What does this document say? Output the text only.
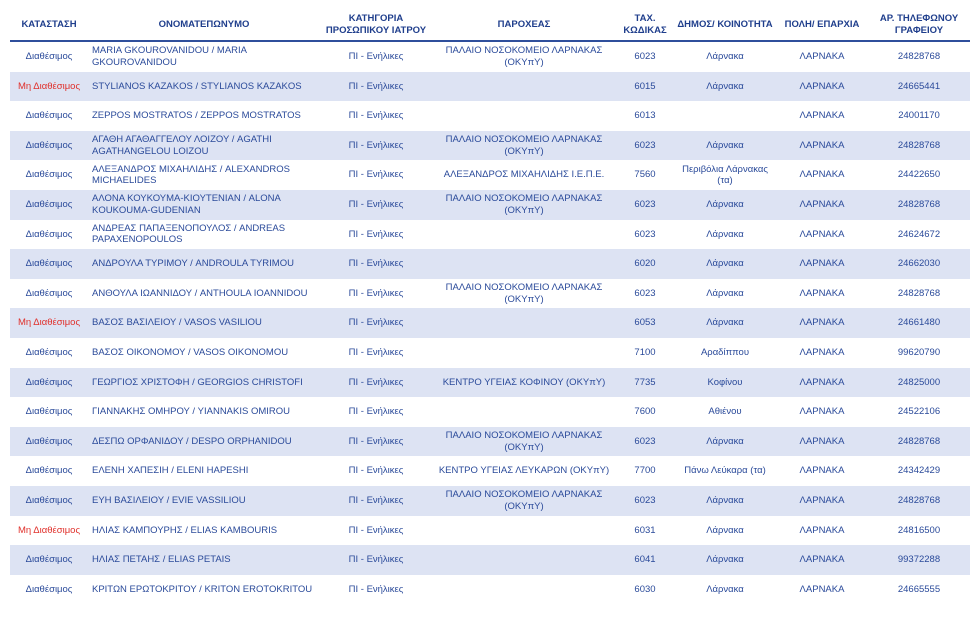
ΚΑΤΑΣΤΑΣΗ	ΟΝΟΜΑΤΕΠΩΝΥΜΟ	ΚΑΤΗΓΟΡΙΑ ΠΡΟΣΩΠΙΚΟΥ ΙΑΤΡΟΥ	ΠΑΡΟΧΕΑΣ	ΤΑΧ. ΚΩΔΙΚΑΣ	ΔΗΜΟΣ/ ΚΟΙΝΟΤΗΤΑ	ΠΟΛΗ/ ΕΠΑΡΧΙΑ	ΑΡ. ΤΗΛΕΦΩΝΟΥ ΓΡΑΦΕΙΟΥ
Διαθέσιμος	MARIA GKOUROVANIDOU / MARIA GKOUROVANIDOU	ΠΙ - Ενήλικες	ΠΑΛΑΙΟ ΝΟΣΟΚΟΜΕΙΟ ΛΑΡΝΑΚΑΣ (ΟΚΥπΥ)	6023	Λάρνακα	ΛΑΡΝΑΚΑ	24828768
Μη Διαθέσιμος	STYLIANOS KAZAKOS / STYLIANOS KAZAKOS	ΠΙ - Ενήλικες		6015	Λάρνακα	ΛΑΡΝΑΚΑ	24665441
Διαθέσιμος	ZEPPOS MOSTRATOS / ZEPPOS MOSTRATOS	ΠΙ - Ενήλικες		6013		ΛΑΡΝΑΚΑ	24001170
Διαθέσιμος	ΑΓΑΘΗ ΑΓΑΘΑΓΓΕΛΟΥ ΛΟΙΖΟΥ / AGATHI AGATHANGELOU LOIZOU	ΠΙ - Ενήλικες	ΠΑΛΑΙΟ ΝΟΣΟΚΟΜΕΙΟ ΛΑΡΝΑΚΑΣ (ΟΚΥπΥ)	6023	Λάρνακα	ΛΑΡΝΑΚΑ	24828768
Διαθέσιμος	ΑΛΕΞΑΝΔΡΟΣ ΜΙΧΑΗΛΙΔΗΣ / ALEXANDROS MICHAELIDES	ΠΙ - Ενήλικες	ΑΛΕΞΑΝΔΡΟΣ ΜΙΧΑΗΛΙΔΗΣ Ι.Ε.Π.Ε.	7560	Περιβόλια Λάρνακας (τα)	ΛΑΡΝΑΚΑ	24422650
Διαθέσιμος	ΑΛΟΝΑ ΚΟΥΚΟΥΜΑ-ΚΙΟΥΤΕΝΙΑΝ / ALONA KOUKOUMA-GUDENIAN	ΠΙ - Ενήλικες	ΠΑΛΑΙΟ ΝΟΣΟΚΟΜΕΙΟ ΛΑΡΝΑΚΑΣ (ΟΚΥπΥ)	6023	Λάρνακα	ΛΑΡΝΑΚΑ	24828768
Διαθέσιμος	ΑΝΔΡΕΑΣ ΠΑΠΑΞΕΝΟΠΟΥΛΟΣ / ANDREAS PAPAXENOPOULOS	ΠΙ - Ενήλικες		6023	Λάρνακα	ΛΑΡΝΑΚΑ	24624672
Διαθέσιμος	ΑΝΔΡΟΥΛΑ ΤΥΡΙΜΟΥ / ANDROULA TYRIMOU	ΠΙ - Ενήλικες		6020	Λάρνακα	ΛΑΡΝΑΚΑ	24662030
Διαθέσιμος	ΑΝΘΟΥΛΑ ΙΩΑΝΝΙΔΟΥ / ANTHOULA IOANNIDOU	ΠΙ - Ενήλικες	ΠΑΛΑΙΟ ΝΟΣΟΚΟΜΕΙΟ ΛΑΡΝΑΚΑΣ (ΟΚΥπΥ)	6023	Λάρνακα	ΛΑΡΝΑΚΑ	24828768
Μη Διαθέσιμος	ΒΑΣΟΣ ΒΑΣΙΛΕΙΟΥ / VASOS VASILIOU	ΠΙ - Ενήλικες		6053	Λάρνακα	ΛΑΡΝΑΚΑ	24661480
Διαθέσιμος	ΒΑΣΟΣ ΟΙΚΟΝΟΜΟΥ / VASOS OIKONOMOU	ΠΙ - Ενήλικες		7100	Αραδίππου	ΛΑΡΝΑΚΑ	99620790
Διαθέσιμος	ΓΕΩΡΓΙΟΣ ΧΡΙΣΤΟΦΗ / GEORGIOS CHRISTOFI	ΠΙ - Ενήλικες	ΚΕΝΤΡΟ ΥΓΕΙΑΣ ΚΟΦΙΝΟΥ (ΟΚΥπΥ)	7735	Κοφίνου	ΛΑΡΝΑΚΑ	24825000
Διαθέσιμος	ΓΙΑΝΝΑΚΗΣ ΟΜΗΡΟΥ / YIANNAKIS OMIROU	ΠΙ - Ενήλικες		7600	Αθιένου	ΛΑΡΝΑΚΑ	24522106
Διαθέσιμος	ΔΕΣΠΩ ΟΡΦΑΝΙΔΟΥ / DESPO ORPHANIDOU	ΠΙ - Ενήλικες	ΠΑΛΑΙΟ ΝΟΣΟΚΟΜΕΙΟ ΛΑΡΝΑΚΑΣ (ΟΚΥπΥ)	6023	Λάρνακα	ΛΑΡΝΑΚΑ	24828768
Διαθέσιμος	ΕΛΕΝΗ ΧΑΠΕΣΙΗ / ELENI HAPESHI	ΠΙ - Ενήλικες	ΚΕΝΤΡΟ ΥΓΕΙΑΣ ΛΕΥΚΑΡΩΝ (ΟΚΥπΥ)	7700	Πάνω Λεύκαρα (τα)	ΛΑΡΝΑΚΑ	24342429
Διαθέσιμος	ΕΥΗ ΒΑΣΙΛΕΙΟΥ / EVIE VASSILIOU	ΠΙ - Ενήλικες	ΠΑΛΑΙΟ ΝΟΣΟΚΟΜΕΙΟ ΛΑΡΝΑΚΑΣ (ΟΚΥπΥ)	6023	Λάρνακα	ΛΑΡΝΑΚΑ	24828768
Μη Διαθέσιμος	ΗΛΙΑΣ ΚΑΜΠΟΥΡΗΣ / ELIAS KAMBOURIS	ΠΙ - Ενήλικες		6031	Λάρνακα	ΛΑΡΝΑΚΑ	24816500
Διαθέσιμος	ΗΛΙΑΣ ΠΕΤΑΗΣ / ELIAS PETAIS	ΠΙ - Ενήλικες		6041	Λάρνακα	ΛΑΡΝΑΚΑ	99372288
Διαθέσιμος	ΚΡΙΤΩΝ ΕΡΩΤΟΚΡΙΤΟΥ / KRITON EROTOKRITOU	ΠΙ - Ενήλικες		6030	Λάρνακα	ΛΑΡΝΑΚΑ	24665555
